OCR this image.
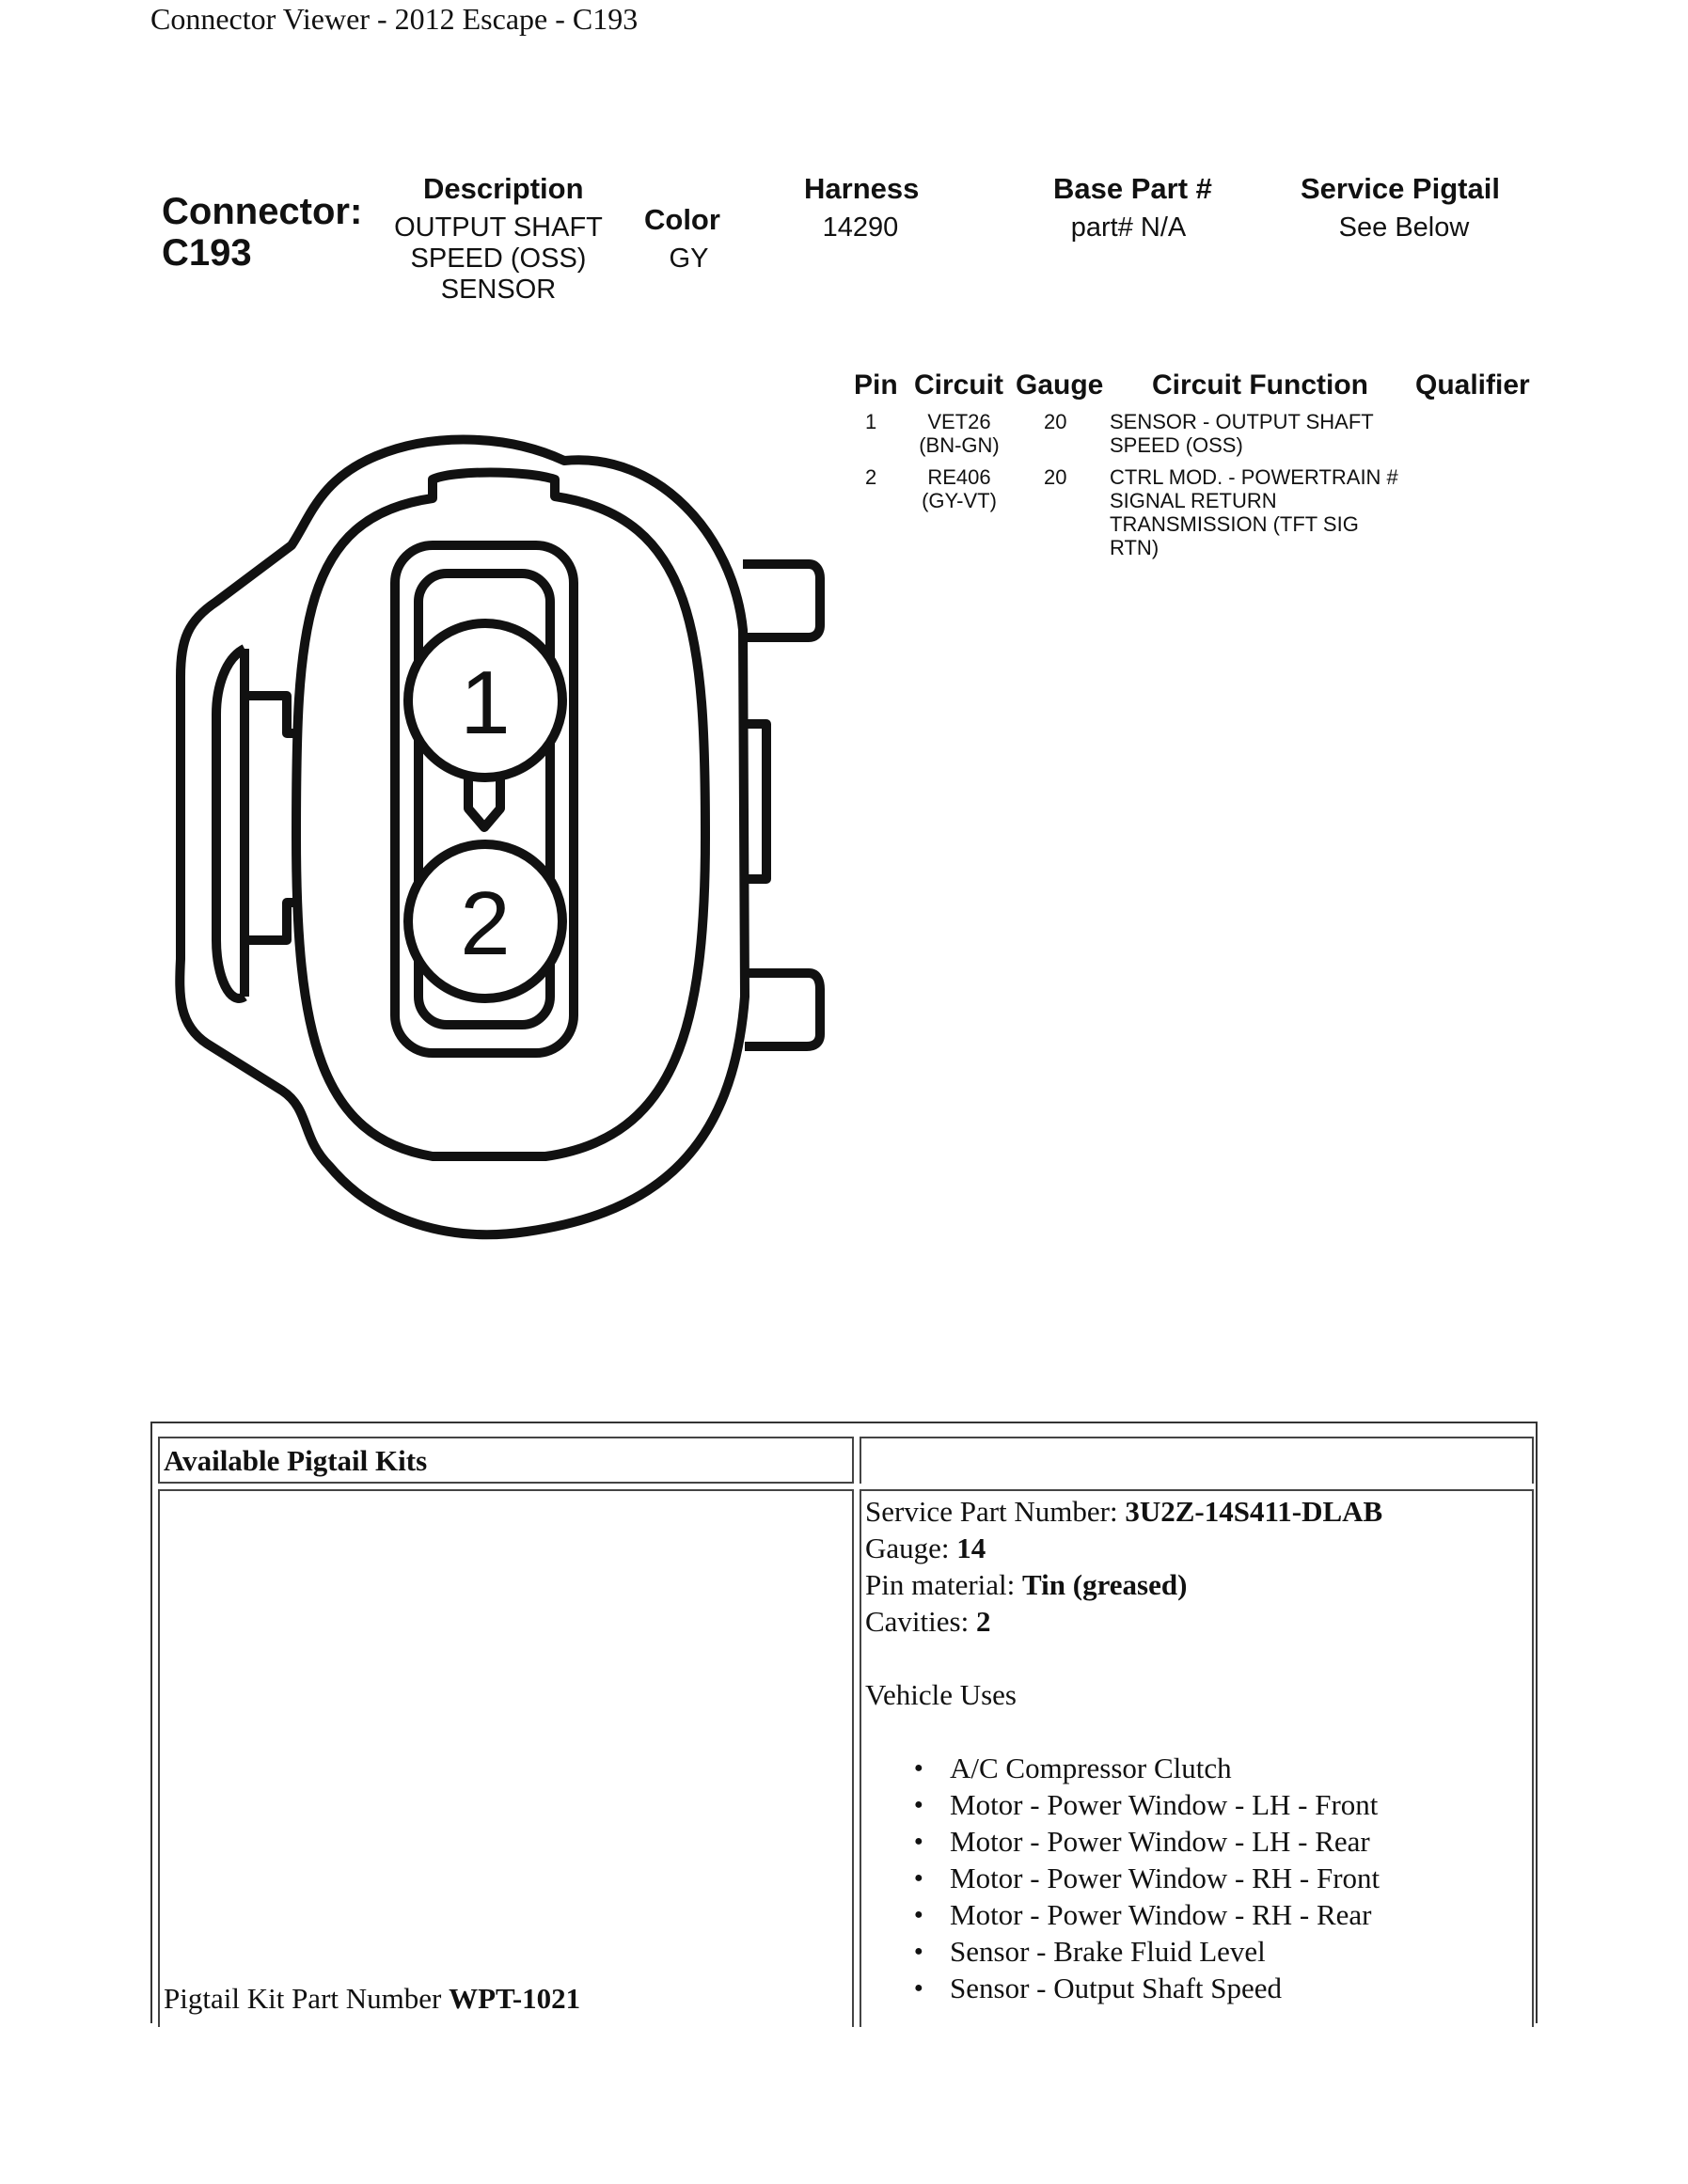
Connector Viewer - 2012 Escape - C193
Connector:
C193
Description
OUTPUT SHAFT
SPEED (OSS)
SENSOR
Color
GY
Harness
14290
Base Part #
part# N/A
Service Pigtail
See Below
Pin Circuit Gauge Circuit Function Qualifier
1	VET26
(BN-GN)
20 SENSOR - OUTPUT SHAFT
SPEED (OSS)
2	RE406
(GY-VT)
20 CTRL MOD. - POWERTRAIN #
SIGNAL RETURN
TRANSMISSION (TFT SIG
RTN)
1
2
Available Pigtail Kits
Pigtail Kit Part Number WPT-1021
Service Part Number: 3U2Z-14S411-DLAB
Gauge: 14
Pin material: Tin (greased)
Cavities: 2
Vehicle Uses
● A/C Compressor Clutch
● Motor - Power Window - LH - Front
● Motor - Power Window - LH - Rear
● Motor - Power Window - RH - Front
● Motor - Power Window - RH - Rear
● Sensor - Brake Fluid Level
● Sensor - Output Shaft Speed
